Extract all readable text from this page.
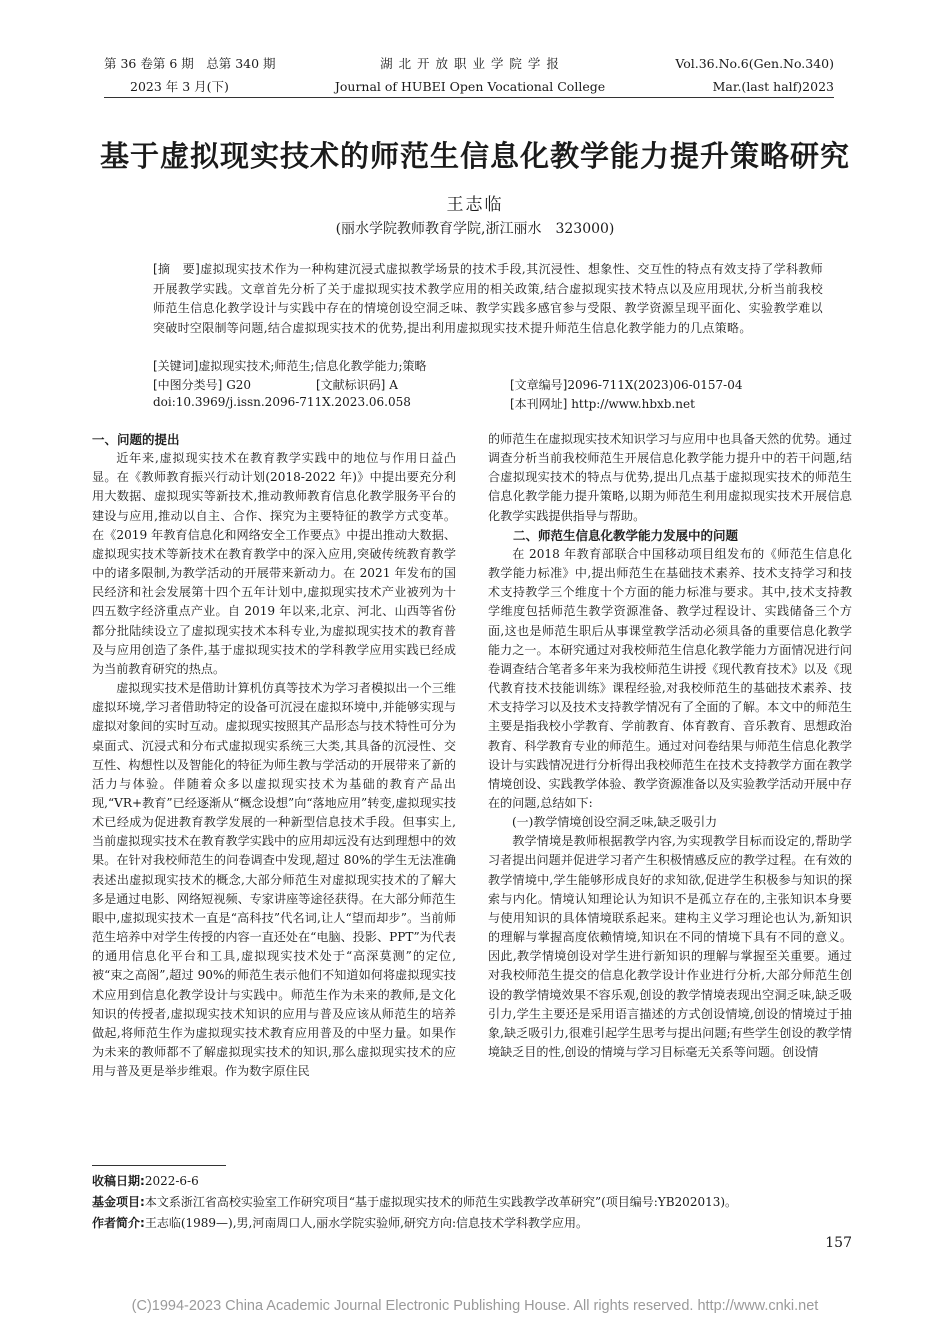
第 36 卷第 6 期　总第 340 期
2023 年 3 月(下)
湖 北 开 放 职 业 学 院 学 报
Journal of HUBEI Open Vocational College
Vol.36.No.6(Gen.No.340)
Mar.(last half)2023
基于虚拟现实技术的师范生信息化教学能力提升策略研究
王志临
(丽水学院教师教育学院,浙江丽水　323000)
[摘　要]虚拟现实技术作为一种构建沉浸式虚拟教学场景的技术手段,其沉浸性、想象性、交互性的特点有效支持了学科教师开展教学实践。文章首先分析了关于虚拟现实技术教学应用的相关政策,结合虚拟现实技术特点以及应用现状,分析当前我校师范生信息化教学设计与实践中存在的情境创设空洞乏味、教学实践多感官参与受限、教学资源呈现平面化、实验教学难以突破时空限制等问题,结合虚拟现实技术的优势,提出利用虚拟现实技术提升师范生信息化教学能力的几点策略。
[关键词]虚拟现实技术;师范生;信息化教学能力;策略
[中图分类号] G20	[文献标识码] A	[文章编号]2096-711X(2023)06-0157-04
doi:10.3969/j.issn.2096-711X.2023.06.058	[本刊网址] http://www.hbxb.net
一、问题的提出

近年来,虚拟现实技术在教育教学实践中的地位与作用日益凸显。在《教师教育振兴行动计划(2018-2022 年)》中提出要充分利用大数据、虚拟现实等新技术,推动教师教育信息化教学服务平台的建设与应用,推动以自主、合作、探究为主要特征的教学方式变革。在《2019 年教育信息化和网络安全工作要点》中提出推动大数据、虚拟现实技术等新技术在教育教学中的深入应用,突破传统教育教学中的诸多限制,为教学活动的开展带来新动力。在 2021 年发布的国民经济和社会发展第十四个五年计划中,虚拟现实技术产业被列为十四五数字经济重点产业。自 2019 年以来,北京、河北、山西等省份都分批陆续设立了虚拟现实技术本科专业,为虚拟现实技术的教育普及与应用创造了条件,基于虚拟现实技术的学科教学应用实践已经成为当前教育研究的热点。

虚拟现实技术是借助计算机仿真等技术为学习者模拟出一个三维虚拟环境,学习者借助特定的设备可沉浸在虚拟环境中,并能够实现与虚拟对象间的实时互动。虚拟现实按照其产品形态与技术特性可分为桌面式、沉浸式和分布式虚拟现实系统三大类,其具备的沉浸性、交互性、构想性以及智能化的特征为师生教与学活动的开展带来了新的活力与体验。伴随着众多以虚拟现实技术为基础的教育产品出现,“VR+教育”已经逐渐从“概念设想”向“落地应用”转变,虚拟现实技术已经成为促进教育教学发展的一种新型信息技术手段。但事实上,当前虚拟现实技术在教育教学实践中的应用却远没有达到理想中的效果。在针对我校师范生的问卷调查中发现,超过 80%的学生无法准确表述出虚拟现实技术的概念,大部分师范生对虚拟现实技术的了解大多是通过电影、网络短视频、专家讲座等途径获得。在大部分师范生眼中,虚拟现实技术一直是“高科技”代名词,让人“望而却步”。当前师范生培养中对学生传授的内容一直还处在“电脑、投影、PPT”为代表的通用信息化平台和工具,虚拟现实技术处于“高深莫测”的定位,被“束之高阁”,超过 90%的师范生表示他们不知道如何将虚拟现实技术应用到信息化教学设计与实践中。师范生作为未来的教师,是文化知识的传授者,虚拟现实技术知识的应用与普及应该从师范生的培养做起,将师范生作为虚拟现实技术教育应用普及的中坚力量。如果作为未来的教师都不了解虚拟现实技术的知识,那么虚拟现实技术的应用与普及更是举步维艰。作为数字原住民

的师范生在虚拟现实技术知识学习与应用中也具备天然的优势。通过调查分析当前我校师范生开展信息化教学能力提升中的若干问题,结合虚拟现实技术的特点与优势,提出几点基于虚拟现实技术的师范生信息化教学能力提升策略,以期为师范生利用虚拟现实技术开展信息化教学实践提供指导与帮助。

二、师范生信息化教学能力发展中的问题

在 2018 年教育部联合中国移动项目组发布的《师范生信息化教学能力标准》中,提出师范生在基础技术素养、技术支持学习和技术支持教学三个维度十个方面的能力标准与要求。其中,技术支持教学维度包括师范生教学资源准备、教学过程设计、实践储备三个方面,这也是师范生职后从事课堂教学活动必须具备的重要信息化教学能力之一。本研究通过对我校师范生信息化教学能力方面情况进行问卷调查结合笔者多年来为我校师范生讲授《现代教育技术》以及《现代教育技术技能训练》课程经验,对我校师范生的基础技术素养、技术支持学习以及技术支持教学情况有了全面的了解。本文中的师范生主要是指我校小学教育、学前教育、体育教育、音乐教育、思想政治教育、科学教育专业的师范生。通过对问卷结果与师范生信息化教学设计与实践情况进行分析得出我校师范生在技术支持教学方面在教学情境创设、实践教学体验、教学资源准备以及实验教学活动开展中存在的问题,总结如下:

(一)教学情境创设空洞乏味,缺乏吸引力

教学情境是教师根据教学内容,为实现教学目标而设定的,帮助学习者提出问题并促进学习者产生积极情感反应的教学过程。在有效的教学情境中,学生能够形成良好的求知欲,促进学生积极参与知识的探索与内化。情境认知理论认为知识不是孤立存在的,主张知识本身要与使用知识的具体情境联系起来。建构主义学习理论也认为,新知识的理解与掌握高度依赖情境,知识在不同的情境下具有不同的意义。因此,教学情境创设对学生进行新知识的理解与掌握至关重要。通过对我校师范生提交的信息化教学设计作业进行分析,大部分师范生创设的教学情境效果不容乐观,创设的教学情境表现出空洞乏味,缺乏吸引力,学生主要还是采用语言描述的方式创设情境,创设的情境过于抽象,缺乏吸引力,很难引起学生思考与提出问题;有些学生创设的教学情境缺乏目的性,创设的情境与学习目标毫无关系等问题。创设情

收稿日期:2022-6-6
基金项目:本文系浙江省高校实验室工作研究项目“基于虚拟现实技术的师范生实践教学改革研究”(项目编号:YB202013)。
作者简介:王志临(1989—),男,河南周口人,丽水学院实验师,研究方向:信息技术学科教学应用。
157
(C)1994-2023 China Academic Journal Electronic Publishing House. All rights reserved. http://www.cnki.net
